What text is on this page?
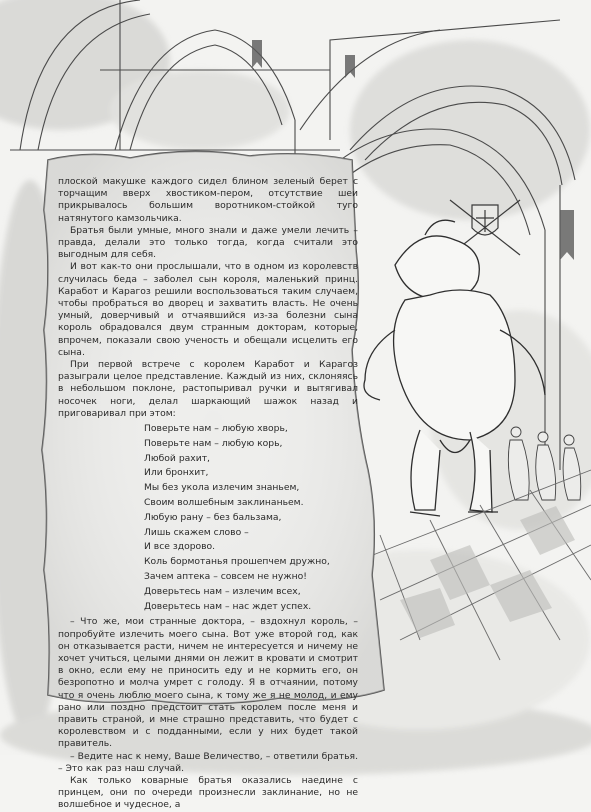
плоской макушке каждого сидел блином зеленый берет с торчащим вверх хвостиком-пером, отсутствие шеи прикрывалось большим воротником-стойкой туго натянутого камзольчика.

Братья были умные, много знали и даже умели лечить – правда, делали это только тогда, когда считали это выгодным для себя.

И вот как-то они прослышали, что в одном из королевств случилась беда – заболел сын короля, маленький принц. Каработ и Карагоз решили воспользоваться таким случаем, чтобы пробраться во дворец и захватить власть. Не очень умный, доверчивый и отчаявшийся из-за болезни сына король обрадовался двум странным докторам, которые, впрочем, показали свою ученость и обещали исцелить его сына.

При первой встрече с королем Каработ и Карагоз разыграли целое представление. Каждый из них, склоняясь в небольшом поклоне, растопыривал ручки и вытягивал носочек ноги, делал шаркающий шажок назад и приговаривал при этом:

Поверьте нам – любую хворь,
Поверьте нам – любую корь,
Любой рахит,
Или бронхит,
Мы без укола излечим знаньем,
Своим волшебным заклинаньем.
Любую рану – без бальзама,
Лишь скажем слово –
И все здорово.
Коль бормотанья прошепчем дружно,
Зачем аптека – совсем не нужно!
Доверьтесь нам – излечим всех,
Доверьтесь нам – нас ждет успех.

– Что же, мои странные доктора, – вздохнул король, – попробуйте излечить моего сына. Вот уже второй год, как он отказывается расти, ничем не интересуется и ничему не хочет учиться, целыми днями он лежит в кровати и смотрит в окно, если ему не приносить еду и не кормить его, он безропотно и молча умрет с голоду. Я в отчаянии, потому что я очень люблю моего сына, к тому же я не молод, и ему рано или поздно предстоит стать королем после меня и править страной, и мне страшно представить, что будет с королевством и с подданными, если у них будет такой правитель.

– Ведите нас к нему, Ваше Величество, – ответили братья. – Это как раз наш случай.

Как только коварные братья оказались наедине с принцем, они по очереди произнесли заклинание, но не волшебное и чудесное, а
